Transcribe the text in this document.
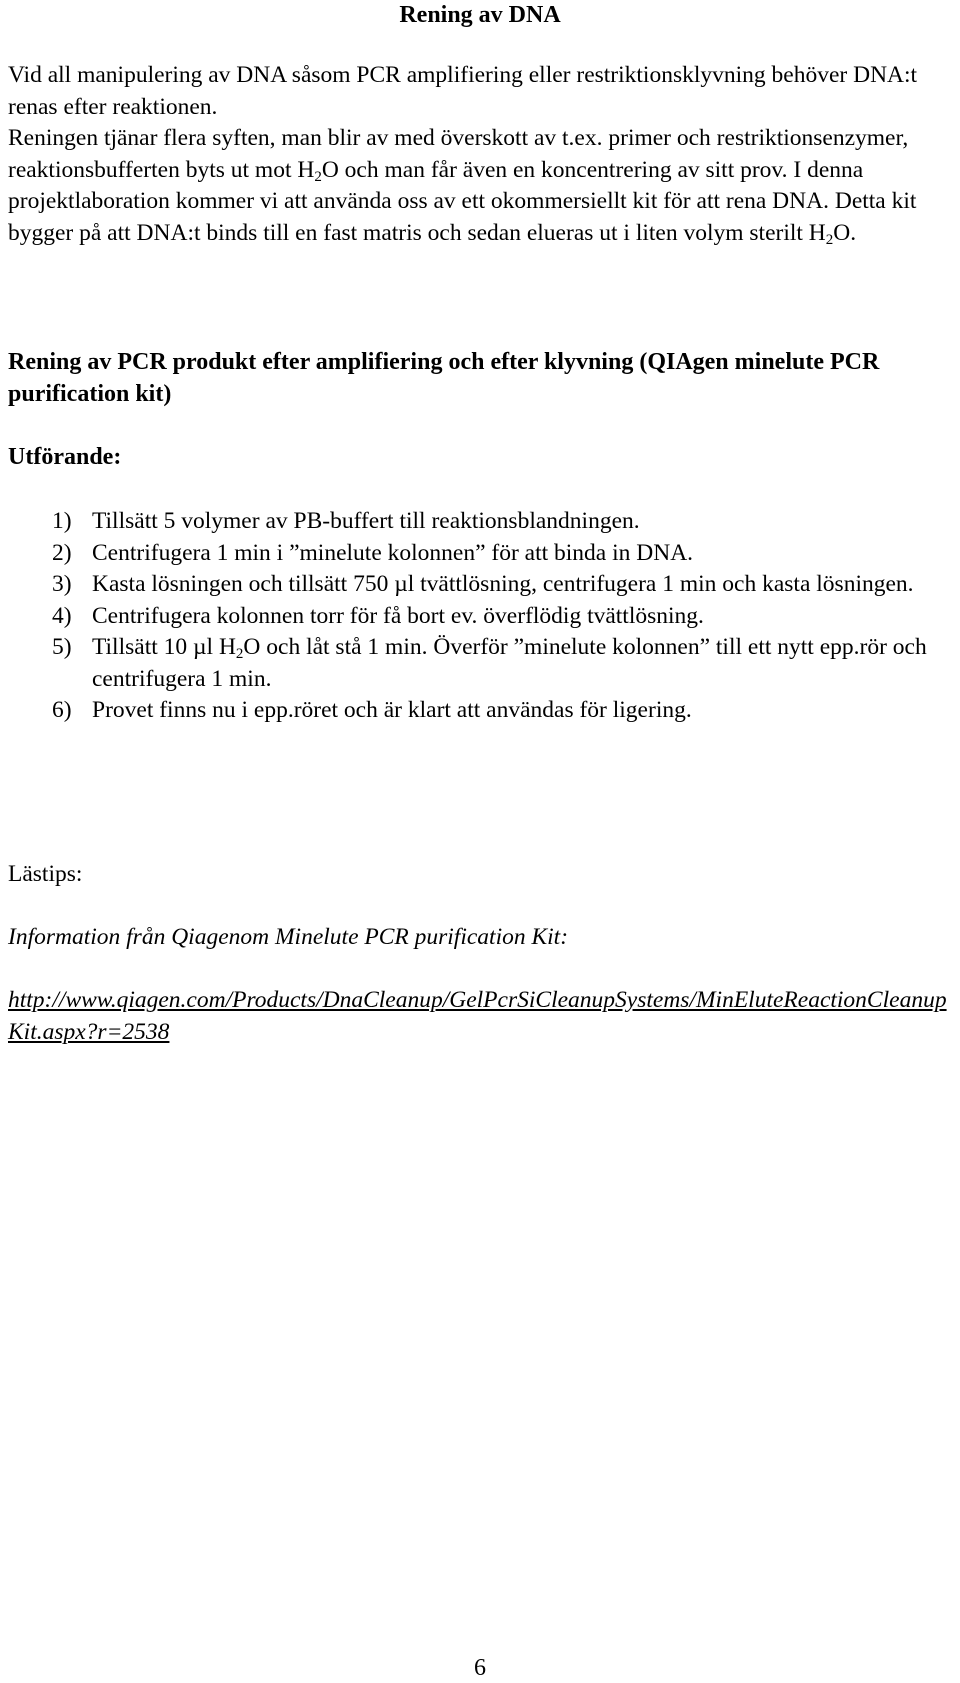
Rening av DNA

Vid all manipulering av DNA såsom PCR amplifiering eller restriktionsklyvning behöver DNA:t renas efter reaktionen.

Reningen tjänar flera syften, man blir av med överskott av t.ex. primer och restriktionsenzymer, reaktionsbufferten byts ut mot $H_2O$ och man får även en koncentrering av sitt prov. I denna projektlaboration kommer vi att använda oss av ett okommersiellt kit för att rena DNA. Detta kit bygger på att DNA:t binds till en fast matris och sedan elueras ut i liten volym sterilt $H_2O$.

Rening av PCR produkt efter amplifiering och efter klyvning (QIAgen minelute PCR purification kit)
Utförande:
1) Tillsätt 5 volymer av PB-buffert till reaktionsblandningen.
2) Centrifugera 1 min i ”minelute kolonnen” för att binda in DNA.
3) Kasta lösningen och tillsätt 750 µl tvättlösning, centrifugera 1 min och kasta lösningen.
4) Centrifugera kolonnen torr för få bort ev. överflödig tvättlösning.
5) Tillsätt 10 µl $H_2O$ och låt stå 1 min. Överför ”minelute kolonnen” till ett nytt epp.rör och centrifugera 1 min.
6) Provet finns nu i epp.röret och är klart att användas för ligering.

Lästips:

Information från Qiagenom Minelute PCR purification Kit:

http://www.qiagen.com/Products/DnaCleanup/GelPcrSiCleanupSystems/MinEluteReactionCleanupKit.aspx?r=2538
6
